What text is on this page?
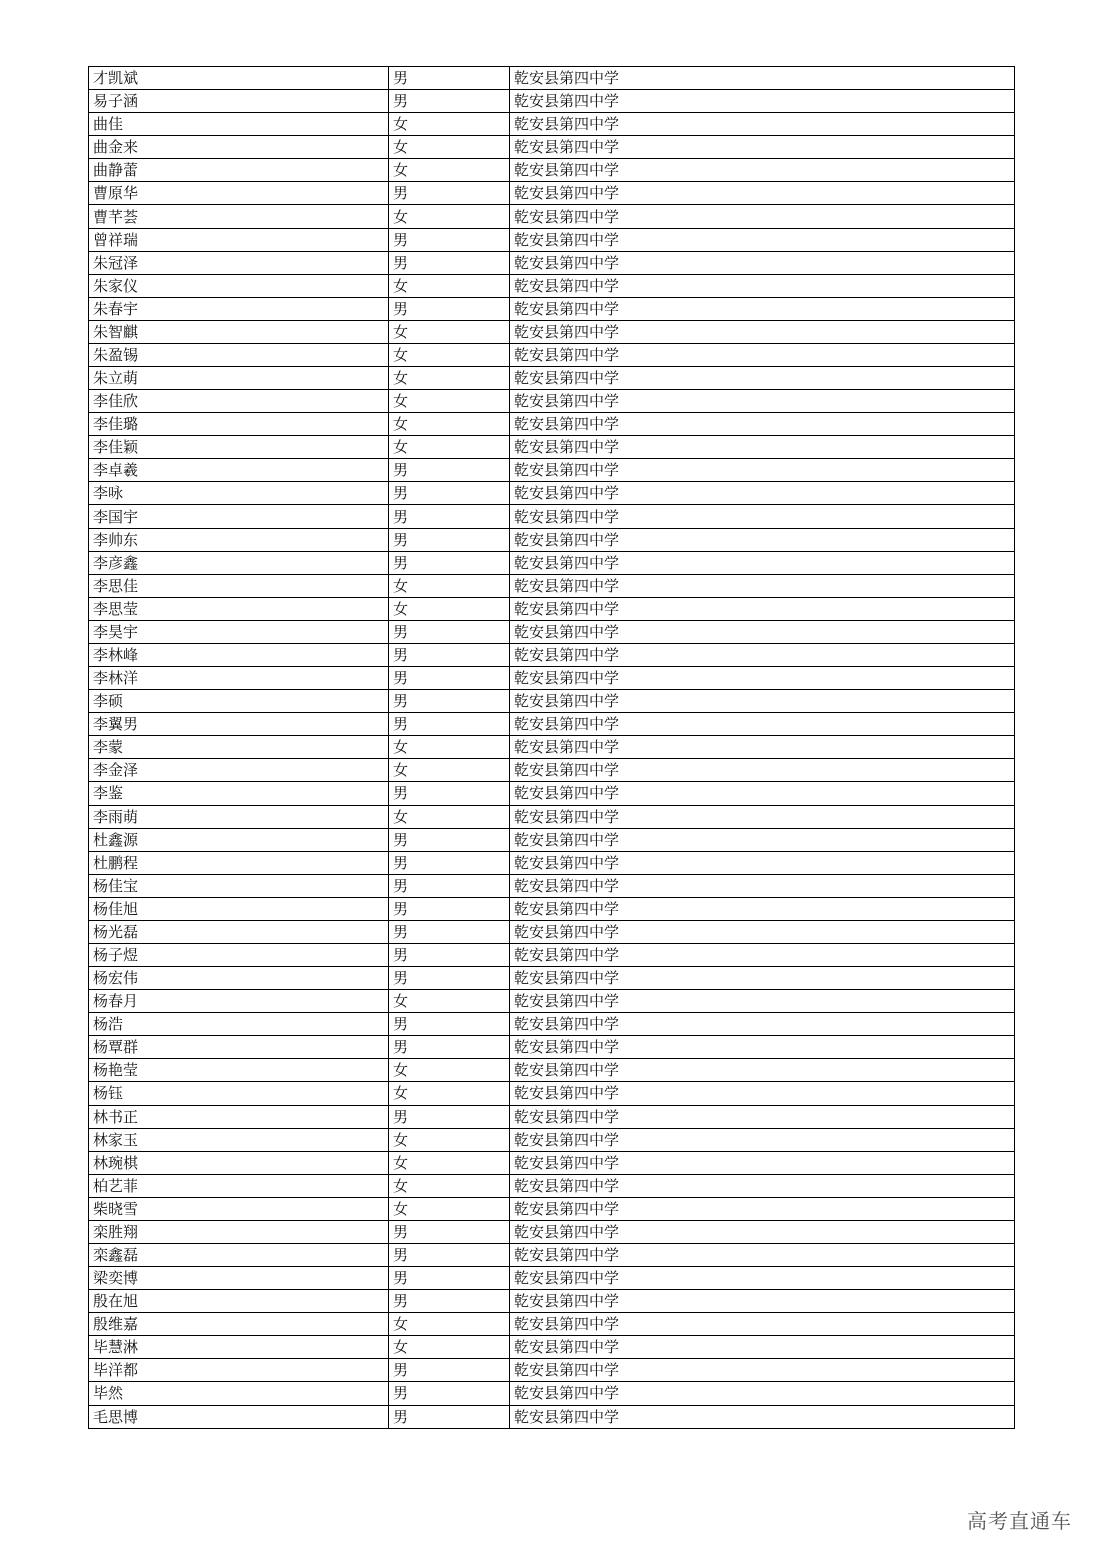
才凯斌	男	乾安县第四中学
易子涵	男	乾安县第四中学
曲佳	女	乾安县第四中学
曲金来	女	乾安县第四中学
曲静蕾	女	乾安县第四中学
曹原华	男	乾安县第四中学
曹芊荟	女	乾安县第四中学
曾祥瑞	男	乾安县第四中学
朱冠泽	男	乾安县第四中学
朱家仪	女	乾安县第四中学
朱春宇	男	乾安县第四中学
朱智麒	女	乾安县第四中学
朱盈锡	女	乾安县第四中学
朱立萌	女	乾安县第四中学
李佳欣	女	乾安县第四中学
李佳璐	女	乾安县第四中学
李佳颖	女	乾安县第四中学
李卓羲	男	乾安县第四中学
李咏	男	乾安县第四中学
李国宇	男	乾安县第四中学
李帅东	男	乾安县第四中学
李彦鑫	男	乾安县第四中学
李思佳	女	乾安县第四中学
李思莹	女	乾安县第四中学
李昊宇	男	乾安县第四中学
李林峰	男	乾安县第四中学
李林洋	男	乾安县第四中学
李硕	男	乾安县第四中学
李翼男	男	乾安县第四中学
李蒙	女	乾安县第四中学
李金泽	女	乾安县第四中学
李鉴	男	乾安县第四中学
李雨萌	女	乾安县第四中学
杜鑫源	男	乾安县第四中学
杜鹏程	男	乾安县第四中学
杨佳宝	男	乾安县第四中学
杨佳旭	男	乾安县第四中学
杨光磊	男	乾安县第四中学
杨子煜	男	乾安县第四中学
杨宏伟	男	乾安县第四中学
杨春月	女	乾安县第四中学
杨浩	男	乾安县第四中学
杨覃群	男	乾安县第四中学
杨艳莹	女	乾安县第四中学
杨钰	女	乾安县第四中学
林书正	男	乾安县第四中学
林家玉	女	乾安县第四中学
林琬棋	女	乾安县第四中学
柏艺菲	女	乾安县第四中学
柴晓雪	女	乾安县第四中学
栾胜翔	男	乾安县第四中学
栾鑫磊	男	乾安县第四中学
梁奕博	男	乾安县第四中学
殷在旭	男	乾安县第四中学
殷维嘉	女	乾安县第四中学
毕慧淋	女	乾安县第四中学
毕洋都	男	乾安县第四中学
毕然	男	乾安县第四中学
毛思博	男	乾安县第四中学
高考直通车
